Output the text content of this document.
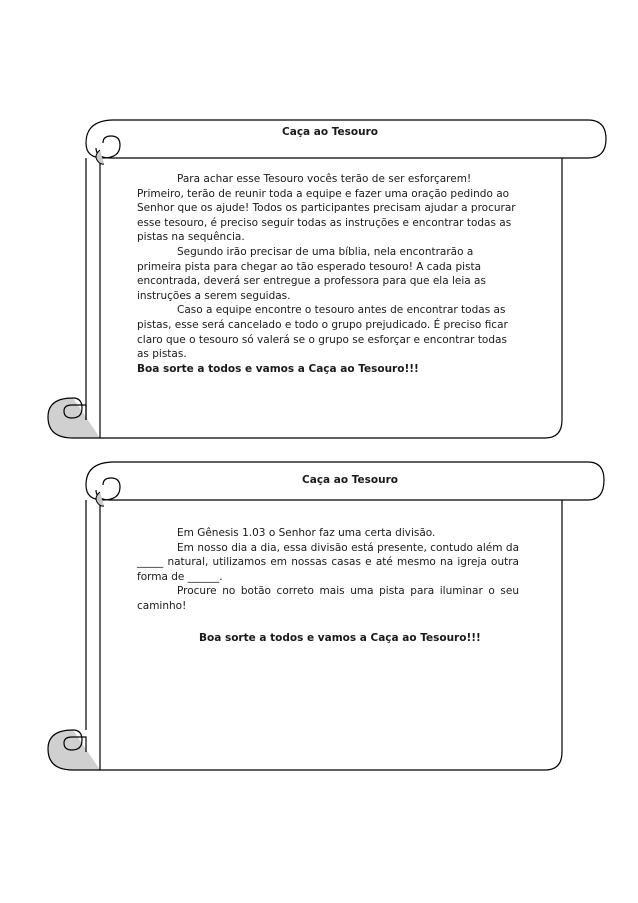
Caça ao Tesouro

Para achar esse Tesouro vocês terão de ser esforçarem! Primeiro, terão de reunir toda a equipe e fazer uma oração pedindo ao Senhor que os ajude! Todos os participantes precisam ajudar a procurar esse tesouro, é preciso seguir todas as instruções e encontrar todas as pistas na sequência.

Segundo irão precisar de uma bíblia, nela encontrarão a primeira pista para chegar ao tão esperado tesouro! A cada pista encontrada, deverá ser entregue a professora para que ela leia as instruções a serem seguidas.

Caso a equipe encontre o tesouro antes de encontrar todas as pistas, esse será cancelado e todo o grupo prejudicado. É preciso ficar claro que o tesouro só valerá se o grupo se esforçar e encontrar todas as pistas.

Boa sorte a todos e vamos a Caça ao Tesouro!!!

Caça ao Tesouro

Em Gênesis 1.03 o Senhor faz uma certa divisão.

Em nosso dia a dia, essa divisão está presente, contudo além da _____ natural, utilizamos em nossas casas e até mesmo na igreja outra forma de ______.

Procure no botão correto mais uma pista para iluminar o seu caminho!

Boa sorte a todos e vamos a Caça ao Tesouro!!!
